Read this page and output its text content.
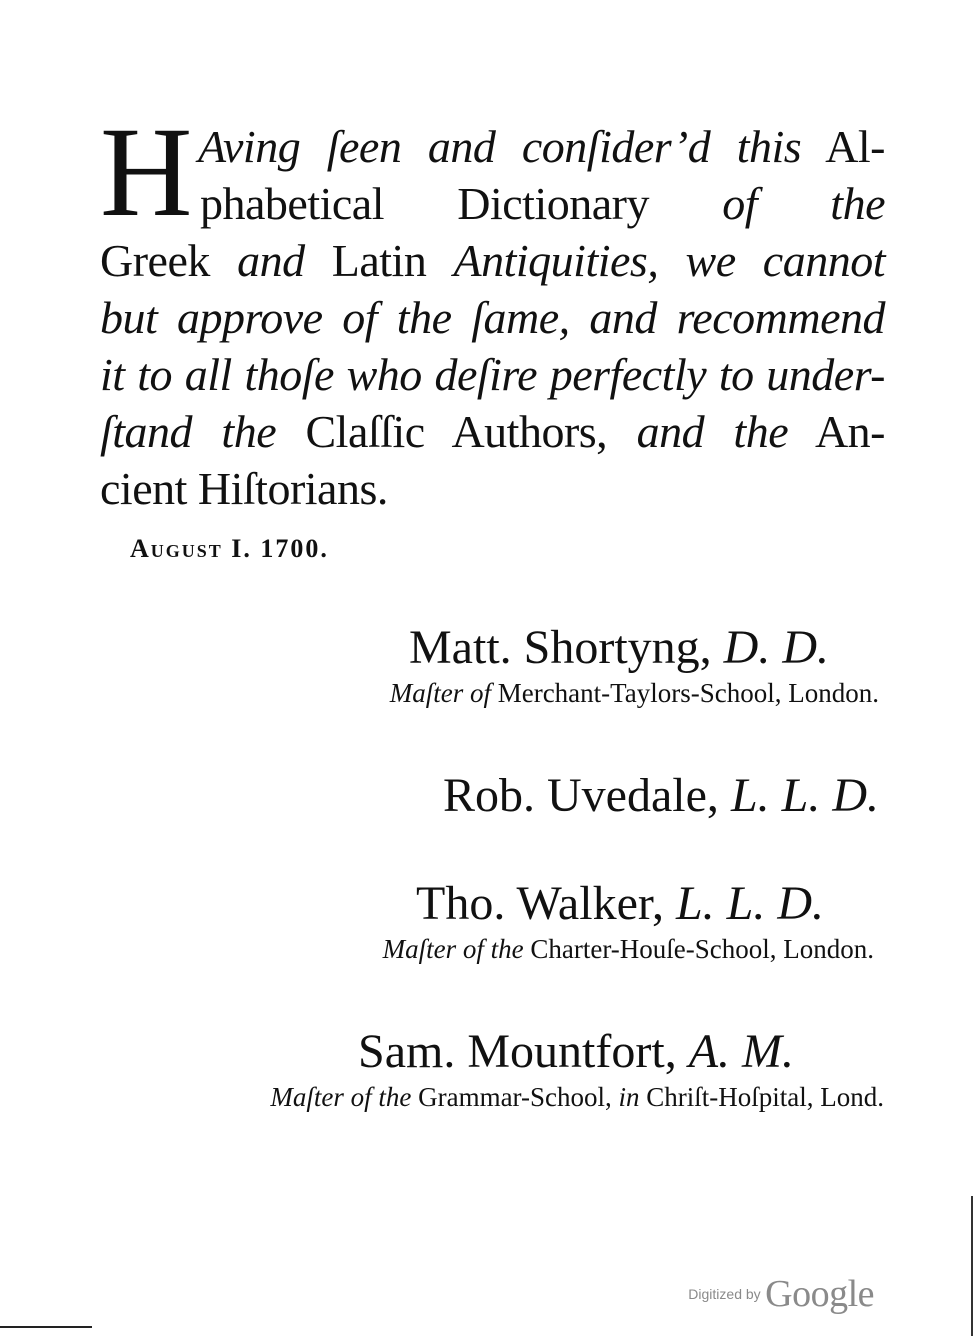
H Aving ſeen and conſider’d this Al-
phabetical Dictionary of the
Greek and Latin Antiquities, we cannot
but approve of the ſame, and recommend
it to all thoſe who deſire perfectly to under-
ſtand the Claſſic Authors, and the An-
cient Hiſtorians.
August I. 1700.
Matt. Shortyng, D. D.
Maſter of Merchant-Taylors-School, London.
Rob. Uvedale, L. L. D.
Tho. Walker, L. L. D.
Maſter of the Charter-Houſe-School, London.
Sam. Mountfort, A. M.
Maſter of the Grammar-School, in Chriſt-Hoſpital, Lond.
Digitized by Google
